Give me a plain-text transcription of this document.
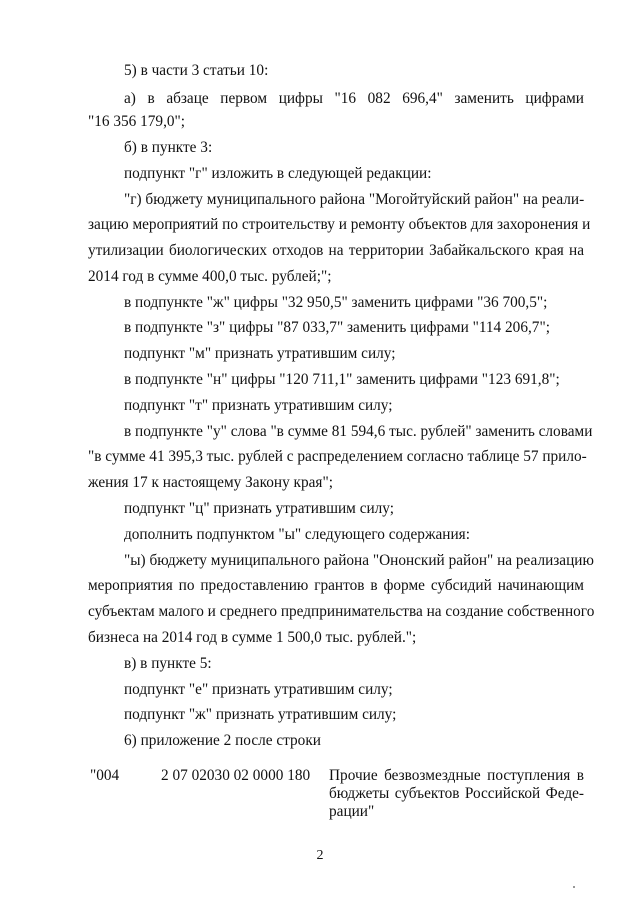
5) в части 3 статьи 10:
а) в абзаце первом цифры "16 082 696,4" заменить цифрами
"16 356 179,0";
б) в пункте 3:
подпункт "г" изложить в следующей редакции:
"г) бюджету муниципального района "Могойтуйский район" на реали-
зацию мероприятий по строительству и ремонту объектов для захоронения и
утилизации биологических отходов на территории Забайкальского края на
2014 год в сумме 400,0 тыс. рублей;";
в подпункте "ж" цифры "32 950,5" заменить цифрами "36 700,5";
в подпункте "з" цифры "87 033,7" заменить цифрами "114 206,7";
подпункт "м" признать утратившим силу;
в подпункте "н" цифры "120 711,1" заменить цифрами "123 691,8";
подпункт "т" признать утратившим силу;
в подпункте "у" слова "в сумме 81 594,6 тыс. рублей" заменить словами
"в сумме 41 395,3 тыс. рублей с распределением согласно таблице 57 прило-
жения 17 к настоящему Закону края";
подпункт "ц" признать утратившим силу;
дополнить подпунктом "ы" следующего содержания:
"ы) бюджету муниципального района "Ононский район" на реализацию
мероприятия по предоставлению грантов в форме субсидий начинающим
субъектам малого и среднего предпринимательства на создание собственного
бизнеса на 2014 год в сумме 1 500,0 тыс. рублей.";
в) в пункте 5:
подпункт "е" признать утратившим силу;
подпункт "ж" признать утратившим силу;
6) приложение 2 после строки
"004	2 07 02030 02 0000 180 Прочие безвозмездные поступления в
бюджеты субъектов Российской Феде-
рации"
2
